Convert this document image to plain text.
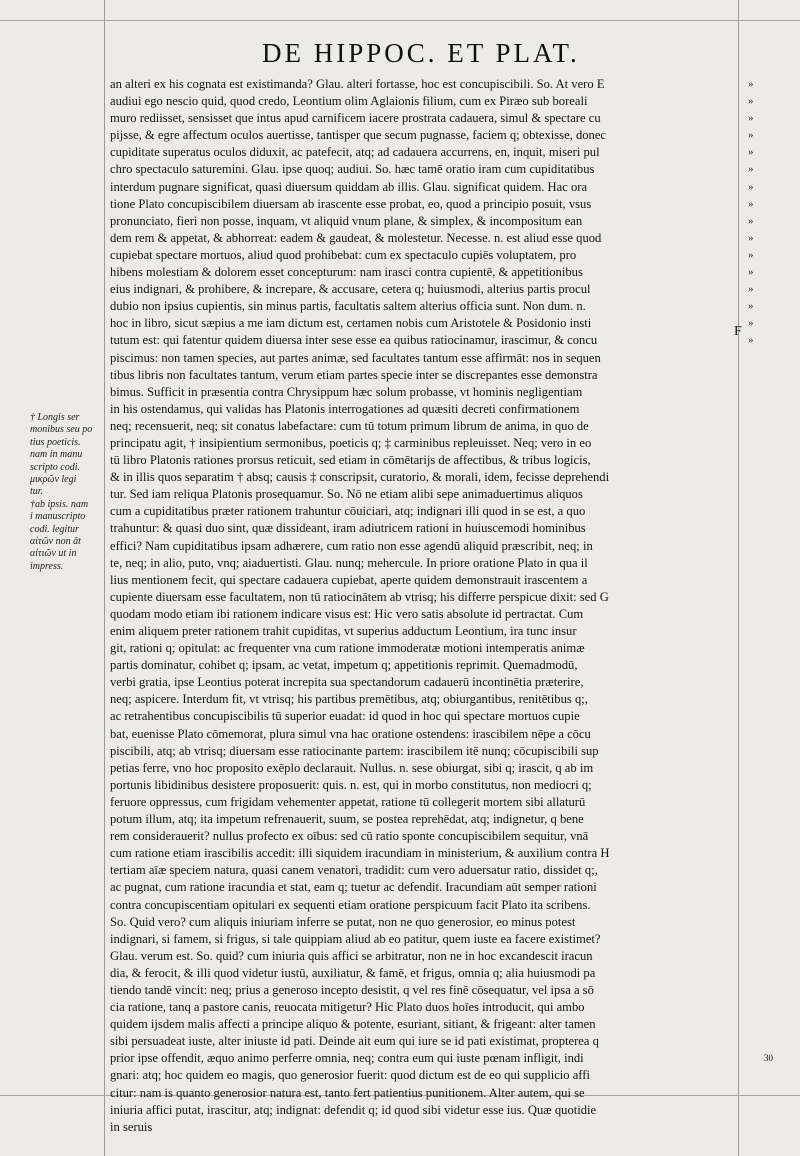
DE HIPPOC. ET PLAT.
an alteri ex his cognata est existimanda? Glau. alteri fortasse, hoc est concupiscibili. So. At vero E
audiui ego nescio quid, quod credo, Leontium olim Aglaionis filium, cum ex Piræo sub boreali
muro rediisset, sensisset que intus apud carnificem iacere prostrata cadauera, simul & spectare cu
pijsse, & egre affectum oculos auertisse, tantisper que secum pugnasse, faciem q; obtexisse, donec
cupiditate superatus oculos diduxit, ac patefecit, atq; ad cadauera accurrens, en, inquit, miseri pul
chro spectaculo saturemini. Glau. ipse quoq; audiui. So. hæc tamē oratio iram cum cupiditatibus
interdum pugnare significat, quasi diuersum quiddam ab illis. Glau. significat quidem. Hac ora
tione Plato concupiscibilem diuersam ab irascente esse probat, eo, quod a principio posuit, vsus
pronunciato, fieri non posse, inquam, vt aliquid vnum plane, & simplex, & incompositum ean
dem rem & appetat, & abhorreat: eadem & gaudeat, & molestetur. Necesse. n. est aliud esse quod
cupiebat spectare mortuos, aliud quod prohibebat: cum ex spectaculo cupiēs voluptatem, pro
hibens molestiam & dolorem esset concepturum: nam irasci contra cupientē, & appetitionibus
eius indignari, & prohibere, & increpare, & accusare, cetera q; huiusmodi, alterius partis procul
dubio non ipsius cupientis, sin minus partis, facultatis saltem alterius officia sunt. Non dum. n.
hoc in libro, sicut sæpius a me iam dictum est, certamen nobis cum Aristotele & Posidonio insti
tutum est: qui fatentur quidem diuersa inter sese esse ea quibus ratiocinamur, irascimur, & concu
piscimus: non tamen species, aut partes animæ, sed facultates tantum esse affirmāt: nos in sequen
tibus libris non facultates tantum, verum etiam partes specie inter se discrepantes esse demonstra
bimus. Sufficit in præsentia contra Chrysippum hæc solum probasse, vt hominis negligentiam
in his ostendamus, qui validas has Platonis interrogationes ad quæsiti decreti confirmationem
neq; recensuerit, neq; sit conatus labefactare: cum tū totum primum librum de anima, in quo de
principatu agit, † insipientium sermonibus, poeticis q; ‡ carminibus repleuisset. Neq; vero in eo
tū libro Platonis rationes prorsus reticuit, sed etiam in cōmētarijs de affectibus, & tribus logicis,
& in illis quos separatim † absq; causis ‡ conscripsit, curatorio, & morali, idem, fecisse deprehendi
tur. Sed iam reliqua Platonis prosequamur. So. Nō ne etiam alibi sepe animaduertimus aliquos
cum a cupiditatibus præter rationem trahuntur cōuiciari, atq; indignari illi quod in se est, a quo
trahuntur: & quasi duo sint, quæ dissideant, iram adiutricem rationi in huiuscemodi hominibus
effici? Nam cupiditatibus ipsam adhærere, cum ratio non esse agendū aliquid præscribit, neq; in
te, neq; in alio, puto, vnq; aiaduertisti. Glau. nunq; mehercule. In priore oratione Plato in qua il
lius mentionem fecit, qui spectare cadauera cupiebat, aperte quidem demonstrauit irascentem a
cupiente diuersam esse facultatem, non tū ratiocinātem ab vtrisq; his differre perspicue dixit: sed G
quodam modo etiam ibi rationem indicare visus est: Hic vero satis absolute id pertractat. Cum
enim aliquem preter rationem trahit cupiditas, vt superius adductum Leontium, ira tunc insur
git, rationi q; opitulat: ac frequenter vna cum ratione immoderatæ motioni intemperatis animæ
partis dominatur, cohibet q; ipsam, ac vetat, impetum q; appetitionis reprimit. Quemadmodū,
verbi gratia, ipse Leontius poterat increpita sua spectandorum cadauerū incontinētia præterire,
neq; aspicere. Interdum fit, vt vtrisq; his partibus premētibus, atq; obiurgantibus, renitētibus q;,
ac retrahentibus concupiscibilis tū superior euadat: id quod in hoc qui spectare mortuos cupie
bat, euenisse Plato cōmemorat, plura simul vna hac oratione ostendens: irascibilem nēpe a cōcu
piscibili, atq; ab vtrisq; diuersam esse ratiocinante partem: irascibilem itē nunq; cōcupiscibili sup
petias ferre, vno hoc proposito exēplo declarauit. Nullus. n. sese obiurgat, sibi q; irascit, q ab im
portunis libidinibus desistere proposuerit: quis. n. est, qui in morbo constitutus, non mediocri q;
feruore oppressus, cum frigidam vehementer appetat, ratione tū collegerit mortem sibi allaturū
potum illum, atq; ita impetum refrenauerit, suum, se postea reprehēdat, atq; indignetur, q bene
rem considerauerit? nullus profecto ex oībus: sed cū ratio sponte concupiscibilem sequitur, vnā
cum ratione etiam irascibilis accedit: illi siquidem iracundiam in ministerium, & auxilium contra H
tertiam aīæ speciem natura, quasi canem venatori, tradidit: cum vero aduersatur ratio, dissidet q;,
ac pugnat, cum ratione iracundia et stat, eam q; tuetur ac defendit. Iracundiam aūt semper rationi
contra concupiscentiam opitulari ex sequenti etiam oratione perspicuum facit Plato ita scribens.
So. Quid vero? cum aliquis iniuriam inferre se putat, non ne quo generosior, eo minus potest
indignari, si famem, si frigus, si tale quippiam aliud ab eo patitur, quem iuste ea facere existimet?
Glau. verum est. So. quid? cum iniuria quis affici se arbitratur, non ne in hoc excandescit iracun
dia, & ferocit, & illi quod videtur iustū, auxiliatur, & famē, et frigus, omnia q; alia huiusmodi pa
tiendo tandē vincit: neq; prius a generoso incepto desistit, q vel res finē cōsequatur, vel ipsa a sō
cia ratione, tanq a pastore canis, reuocata mitigetur? Hic Plato duos hoīes introducit, qui ambo
quidem ijsdem malis affecti a principe aliquo & potente, esuriant, sitiant, & frigeant: alter tamen
sibi persuadeat iuste, alter iniuste id pati. Deinde ait eum qui iure se id pati existimat, propterea q
prior ipse offendit, æquo animo perferre omnia, neq; contra eum qui iuste pœnam infligit, indi
gnari: atq; hoc quidem eo magis, quo generosior fuerit: quod dictum est de eo qui supplicio affi
citur: nam is quanto generosior natura est, tanto fert patientius punitionem. Alter autem, qui se
iniuria affici putat, irascitur, atq; indignat: defendit q; id quod sibi videtur esse ius. Quæ quotidie
in seruis
† Longis ser
monibus seu po
tius poeticis.
nam in manu
scripto codi.
μικρῶν legi
tur.
†ab ipsis. nam
i manuscripto
codi. legitur
αἰτῶν non āt
αἰτιῶν ut in
impress.
»
»
»
»
»
»
»
»
»
»
»
»
»
»
»
»
F
30
